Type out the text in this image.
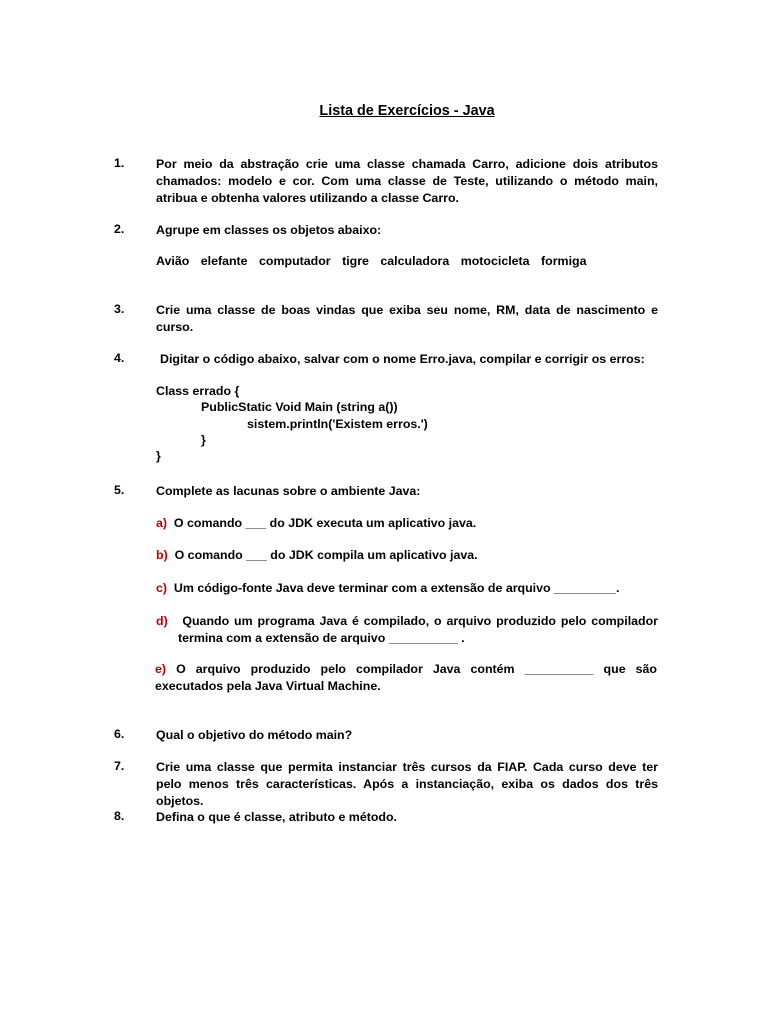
Lista de Exercícios - Java
1.	Por meio da abstração crie uma classe chamada Carro, adicione dois atributos chamados: modelo e cor. Com uma classe de Teste, utilizando o método main, atribua e obtenha valores utilizando a classe Carro.
2.	Agrupe em classes os objetos abaixo:
Avião elefante computador tigre calculadora motocicleta formiga
3.	Crie uma classe de boas vindas que exiba seu nome, RM, data de nascimento e curso.
4.	Digitar o código abaixo, salvar com o nome Erro.java, compilar e corrigir os erros:
Class errado {
PublicStatic Void Main (string a())
sistem.println('Existem erros.')
}
}
5.	Complete as lacunas sobre o ambiente Java:
a) O comando ___ do JDK executa um aplicativo java.
b) O comando ___ do JDK compila um aplicativo java.
c) Um código-fonte Java deve terminar com a extensão de arquivo _________.
d) Quando um programa Java é compilado, o arquivo produzido pelo compilador termina com a extensão de arquivo __________ .
e) O arquivo produzido pelo compilador Java contém __________ que são executados pela Java Virtual Machine.
6.	Qual o objetivo do método main?
7.	Crie uma classe que permita instanciar três cursos da FIAP. Cada curso deve ter pelo menos três características. Após a instanciação, exiba os dados dos três objetos.
8.	Defina o que é classe, atributo e método.
